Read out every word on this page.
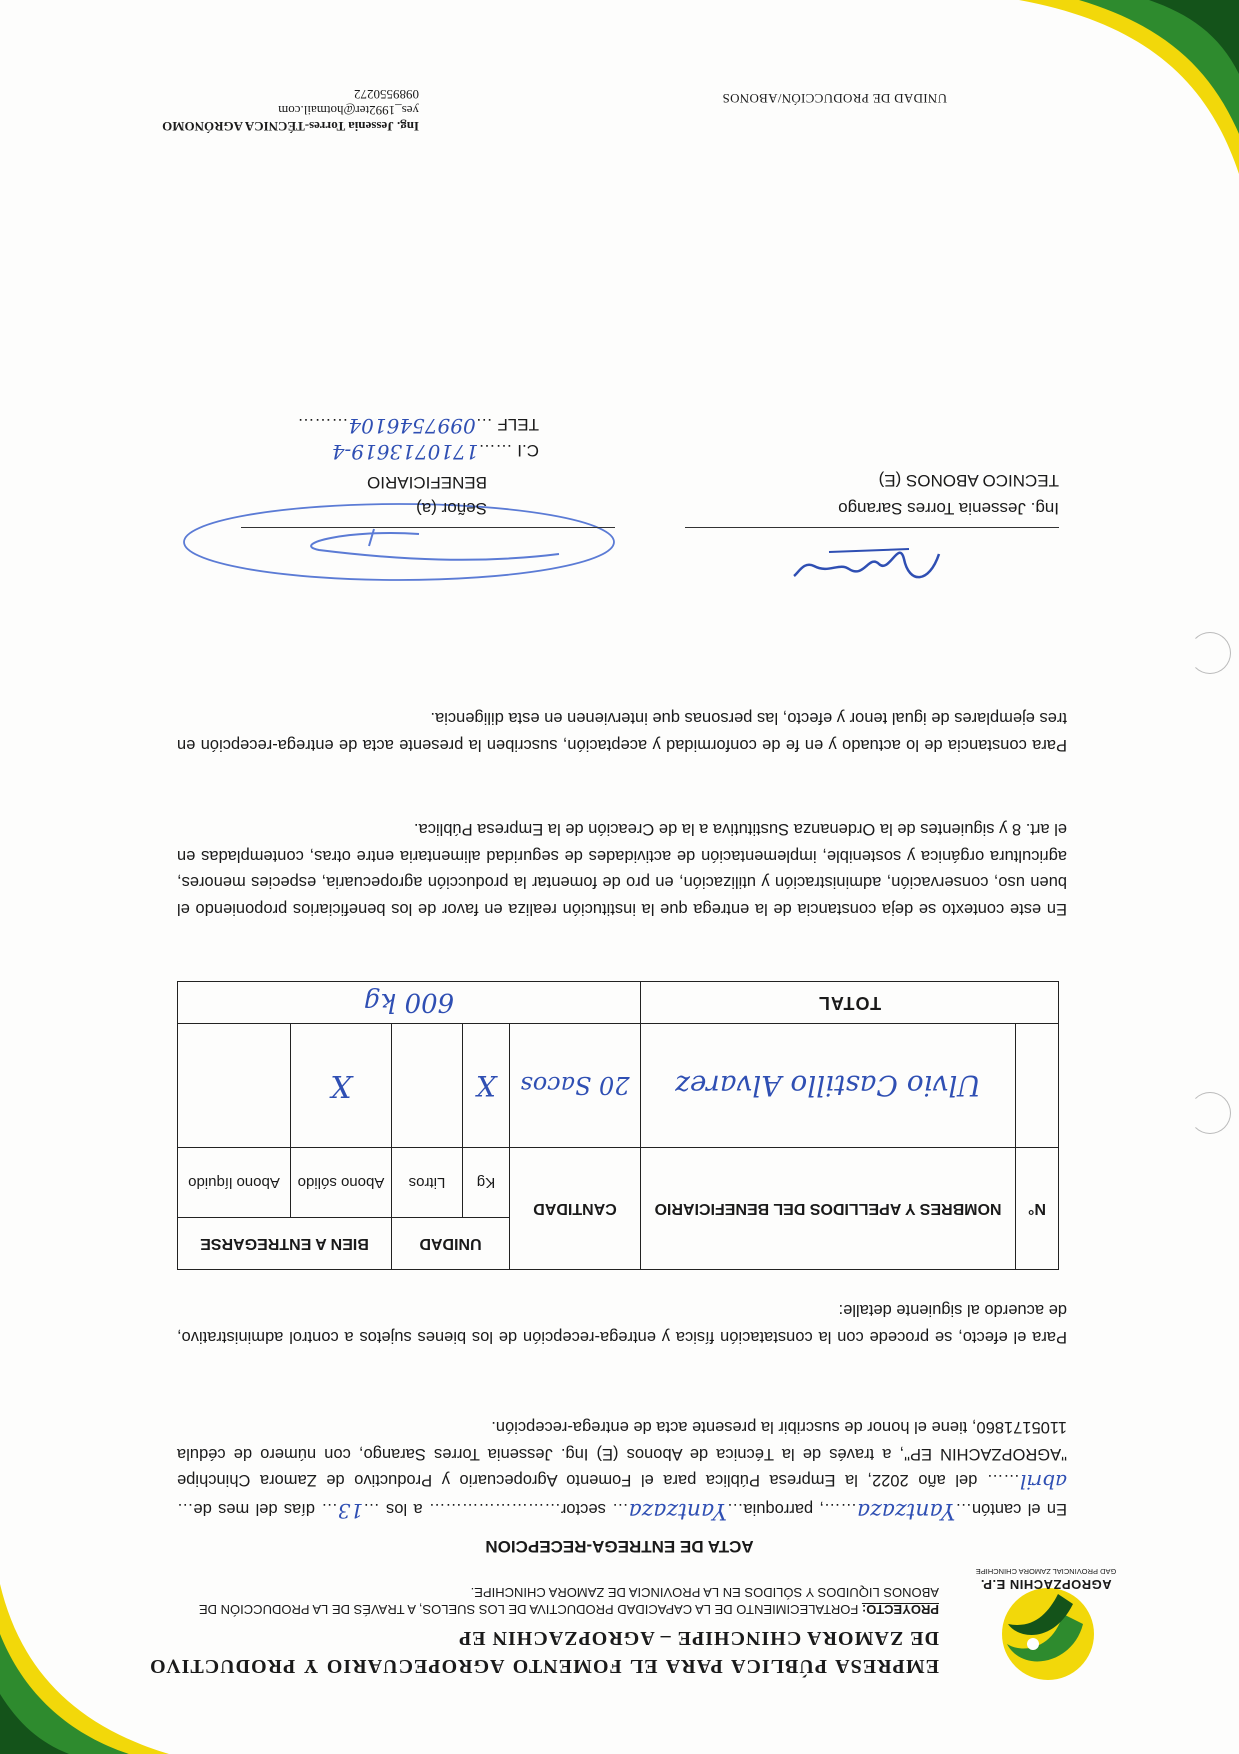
AGROPZACHIN E.P.
GAD PROVINCIAL ZAMORA CHINCHIPE
EMPRESA PÚBLICA PARA EL FOMENTO AGROPECUARIO Y PRODUCTIVO DE ZAMORA CHINCHIPE – AGROPZACHIN EP
PROYECTO: FORTALECIMIENTO DE LA CAPACIDAD PRODUCTIVA DE LOS SUELOS, A TRAVÉS DE LA PRODUCCIÓN DE ABONOS LIQUIDOS Y SÓLIDOS EN LA PROVINCIA DE ZAMORA CHINCHIPE.
ACTA DE ENTREGA-RECEPCION
En el cantón…Yantzaza……, parroquia…Yantzaza… sector…………………… a los …13… días del mes de…abril…… del año 2022, la Empresa Pública para el Fomento Agropecuario y Productivo de Zamora Chinchipe "AGROPZACHIN EP", a través de la Técnica de Abonos (E) Ing. Jessenia Torres Sarango, con número de cédula 1105171860, tiene el honor de suscribir la presente acta de entrega-recepción.
Para el efecto, se procede con la constatación física y entrega-recepción de los bienes sujetos a control administrativo, de acuerdo al siguiente detalle:
N°	NOMBRES Y APELLIDOS DEL BENEFICIARIO	CANTIDAD	UNIDAD		BIEN A ENTREGARSE	
			Kg	Litros	Abono sólido	Abono líquido
	Ulvio Castillo Alvarez	20 Sacos	X		X	
TOTAL		600 kg				
En este contexto se deja constancia de la entrega que la institución realiza en favor de los beneficiarios proponiendo el buen uso, conservación, administración y utilización, en pro de fomentar la producción agropecuaria, especies menores, agricultura orgánica y sostenible, implementación de actividades de seguridad alimentaria entre otras, contempladas en el art. 8 y siguientes de la Ordenanza Sustitutiva a la de Creación de la Empresa Pública.
Para constancia de lo actuado y en fe de conformidad y aceptación, suscriben la presente acta de entrega-recepción en tres ejemplares de igual tenor y efecto, las personas que intervienen en esta diligencia.
Ing. Jessenia Torres Sarango
TECNICO ABONOS (E)
Señor (a)
BENEFICIARIO
C.I ……1710713619-4
TELF …0997546104………
UNIDAD DE PRODUCCIÓN/ABONOS
Ing. Jessenia Torres-TÉCNICA AGRÓNOMO
yes_1992ter@hotmail.com
0989550272
